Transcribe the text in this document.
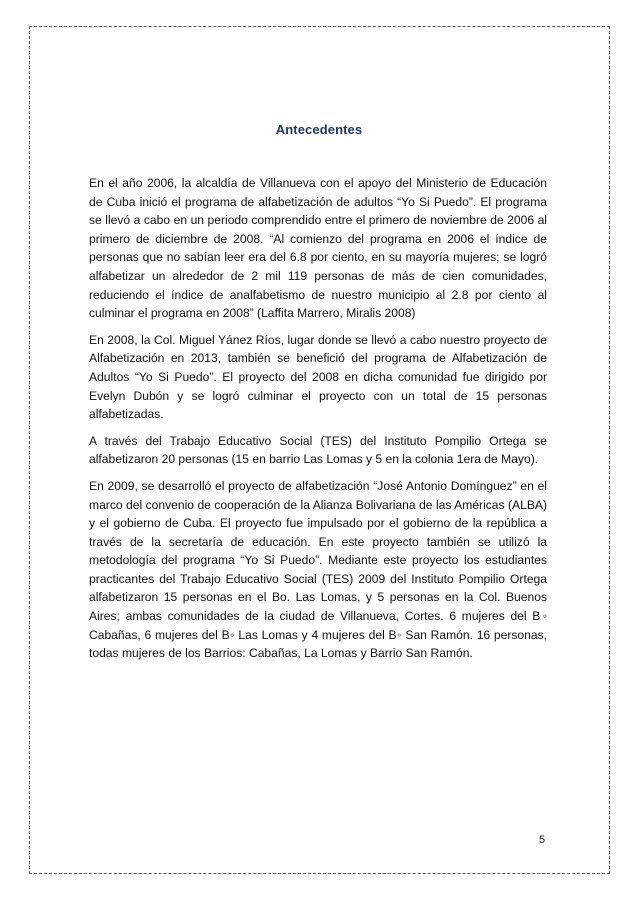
Antecedentes

En el año 2006, la alcaldía de Villanueva con el apoyo del Ministerio de Educación de Cuba inició el programa de alfabetización de adultos “Yo Si Puedo”. El programa se llevó a cabo en un periodo comprendido entre el primero de noviembre de 2006 al primero de diciembre de 2008. “Al comienzo del programa en 2006 el índice de personas que no sabían leer era del 6.8 por ciento, en su mayoría mujeres; se logró alfabetizar un alrededor de 2 mil 119 personas de más de cien comunidades, reduciendo el índice de analfabetismo de nuestro municipio al 2.8 por ciento al culminar el programa en 2008” (Laffita Marrero, Miralis 2008)

En 2008, la Col. Miguel Yánez Ríos, lugar donde se llevó a cabo nuestro proyecto de Alfabetización en 2013, también se benefició del programa de Alfabetización de Adultos “Yo Si Puedo”. El proyecto del 2008 en dicha comunidad fue dirigido por Evelyn Dubón y se logró culminar el proyecto con un total de 15 personas alfabetizadas.

A través del Trabajo Educativo Social (TES) del Instituto Pompilio Ortega se alfabetizaron 20 personas (15 en barrio Las Lomas y 5 en la colonia 1era de Mayo).

En 2009, se desarrolló el proyecto de alfabetización “José Antonio Domínguez” en el marco del convenio de cooperación de la Alianza Bolivariana de las Américas (ALBA) y el gobierno de Cuba. El proyecto fue impulsado por el gobierno de la república a través de la secretaría de educación. En este proyecto también se utilizó la metodología del programa “Yo Si Puedo”. Mediante este proyecto los estudiantes practicantes del Trabajo Educativo Social (TES) 2009 del Instituto Pompilio Ortega alfabetizaron 15 personas en el Bo. Las Lomas, y 5 personas en la Col. Buenos Aires; ambas comunidades de la ciudad de Villanueva, Cortes. 6 mujeres del B◦ Cabañas, 6 mujeres del B◦ Las Lomas y 4 mujeres del B◦ San Ramón. 16 personas, todas mujeres de los Barrios: Cabañas, La Lomas y Barrio San Ramón.

5
